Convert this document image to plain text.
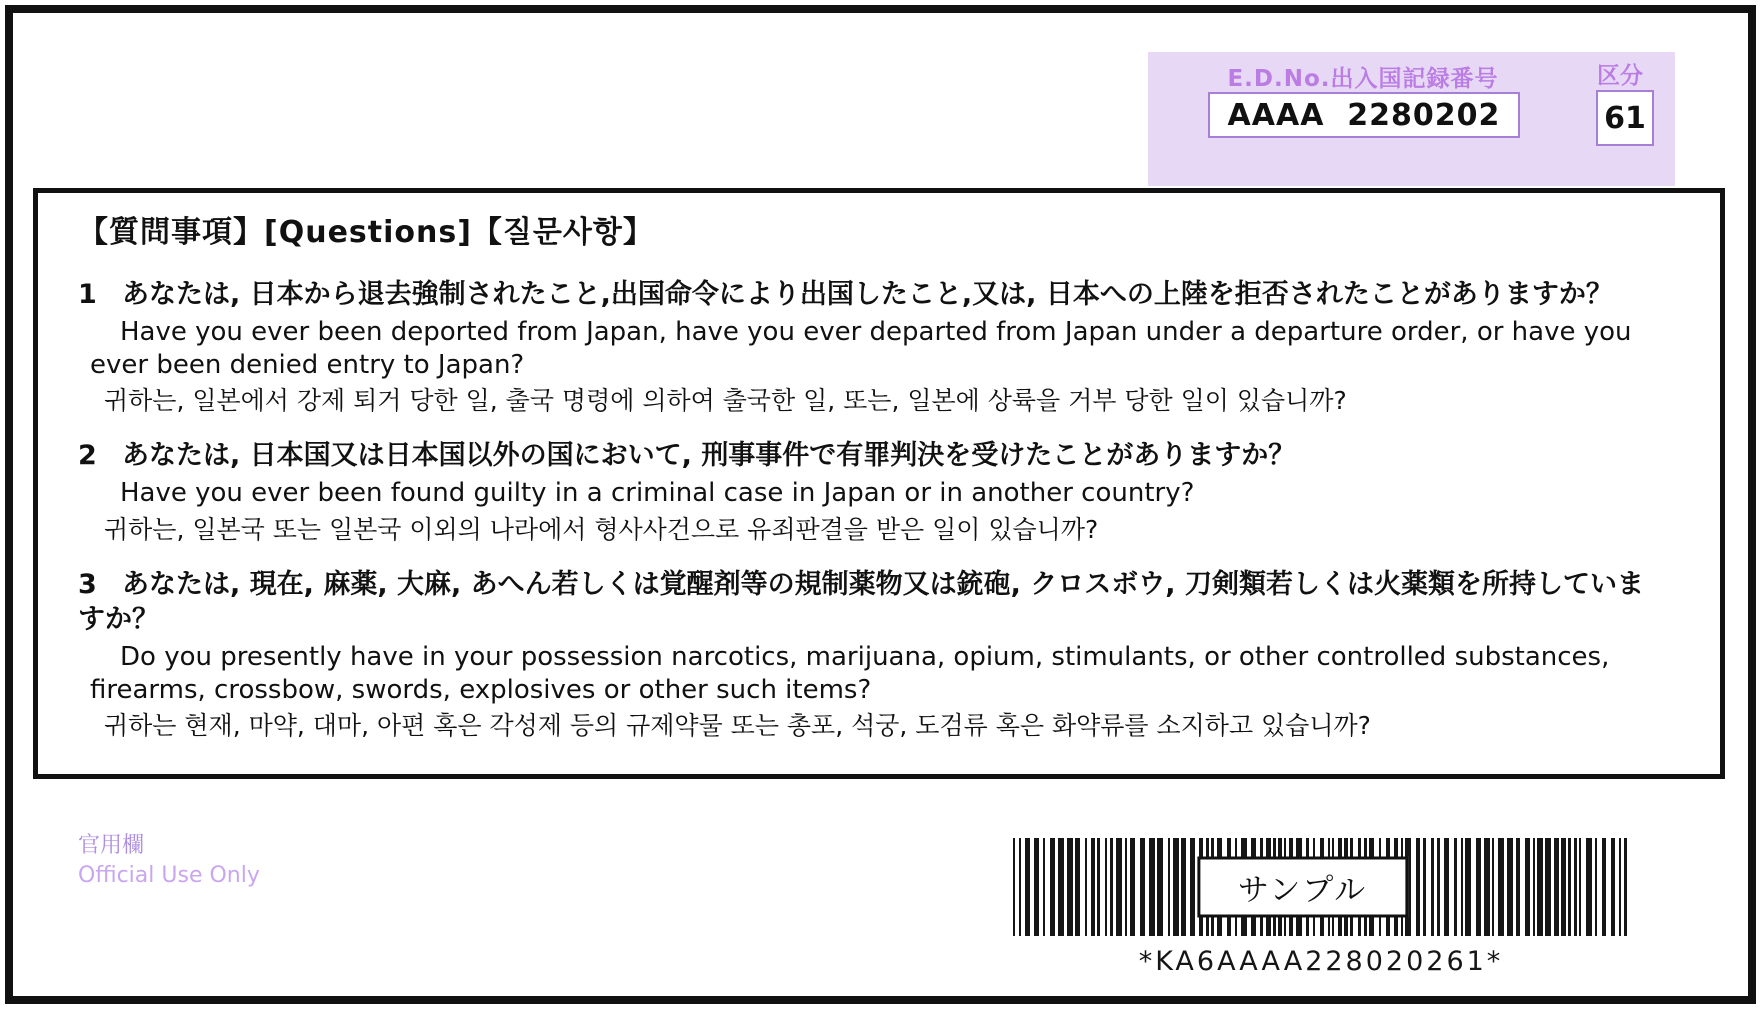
E.D.No.出入国記録番号
AAAA  2280202
区分
61

【質問事項】[Questions]【질문사항】

1 あなたは, 日本から退去強制されたこと,出国命令により出国したこと,又は, 日本への上陸を拒否されたことがありますか？

Have you ever been deported from Japan, have you ever departed from Japan under a departure order, or have you ever been denied entry to Japan?

귀하는, 일본에서 강제 퇴거 당한 일, 출국 명령에 의하여 출국한 일, 또는, 일본에 상륙을 거부 당한 일이 있습니까?

2 あなたは, 日本国又は日本国以外の国において, 刑事事件で有罪判決を受けたことがありますか？

Have you ever been found guilty in a criminal case in Japan or in another country?

귀하는, 일본국 또는 일본국 이외의 나라에서 형사사건으로 유죄판결을 받은 일이 있습니까?

3 あなたは, 現在, 麻薬, 大麻, あへん若しくは覚醒剤等の規制薬物又は銃砲, クロスボウ, 刀剣類若しくは火薬類を所持していますか？

Do you presently have in your possession narcotics, marijuana, opium, stimulants, or other controlled substances, firearms, crossbow, swords, explosives or other such items?

귀하는 현재, 마약, 대마, 아편 혹은 각성제 등의 규제약물 또는 총포, 석궁, 도검류 혹은 화약류를 소지하고 있습니까?

官用欄

Official Use Only	サンプル
*KA6AAAA228020261*
